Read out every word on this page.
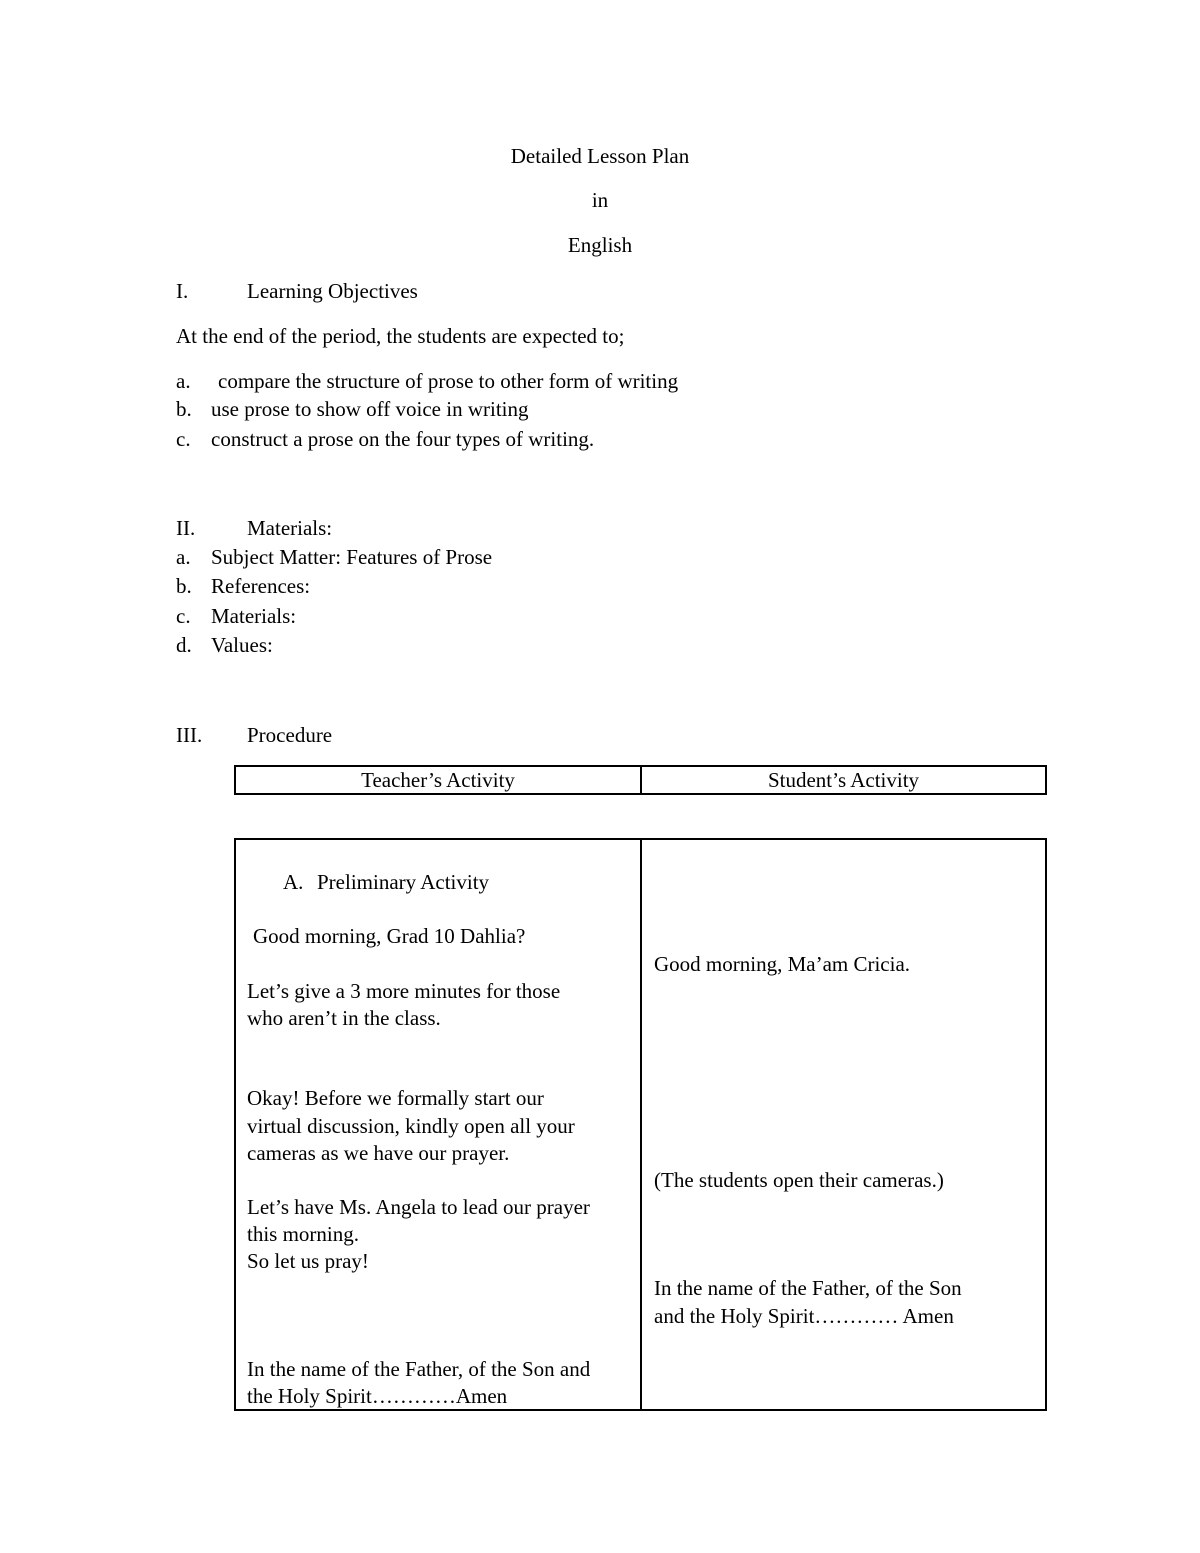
Detailed Lesson Plan
in
English
I.	Learning Objectives
At the end of the period, the students are expected to;
a. compare the structure of prose to other form of writing
b. use prose to show off voice in writing
c. construct a prose on the four types of writing.
II. Materials:
a. Subject Matter: Features of Prose
b. References:
c. Materials:
d. Values:
III. Procedure
Teacher’s Activity	Student’s Activity
A. Preliminary Activity
Good morning, Grad 10 Dahlia?
Let’s give a 3 more minutes for those
who aren’t in the class.
Okay! Before we formally start our
virtual discussion, kindly open all your
cameras as we have our prayer.
Let’s have Ms. Angela to lead our prayer
this morning.
So let us pray!
In the name of the Father, of the Son and
the Holy Spirit…………Amen
Good morning, Ma’am Cricia.
(The students open their cameras.)
In the name of the Father, of the Son
and the Holy Spirit………… Amen
